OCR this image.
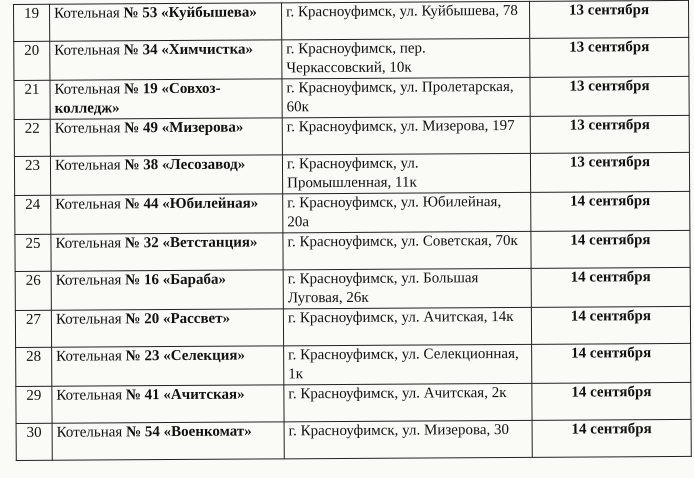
19	Котельная № 53 «Куйбышева»	г. Красноуфимск, ул. Куйбышева, 78	13 сентября
20	Котельная № 34 «Химчистка»	г. Красноуфимск, пер. Черкассовский, 10к	13 сентября
21	Котельная № 19 «Совхоз-колледж»	г. Красноуфимск, ул. Пролетарская, 60к	13 сентября
22	Котельная № 49 «Мизерова»	г. Красноуфимск, ул. Мизерова, 197	13 сентября
23	Котельная № 38 «Лесозавод»	г. Красноуфимск, ул. Промышленная, 11к	13 сентября
24	Котельная № 44 «Юбилейная»	г. Красноуфимск, ул. Юбилейная, 20а	14 сентября
25	Котельная № 32 «Ветстанция»	г. Красноуфимск, ул. Советская, 70к	14 сентября
26	Котельная № 16 «Бараба»	г. Красноуфимск, ул. Большая Луговая, 26к	14 сентября
27	Котельная № 20 «Рассвет»	г. Красноуфимск, ул. Ачитская, 14к	14 сентября
28	Котельная № 23 «Селекция»	г. Красноуфимск, ул. Селекционная, 1к	14 сентября
29	Котельная № 41 «Ачитская»	г. Красноуфимск, ул. Ачитская, 2к	14 сентября
30	Котельная № 54 «Военкомат»	г. Красноуфимск, ул. Мизерова, 30	14 сентября
